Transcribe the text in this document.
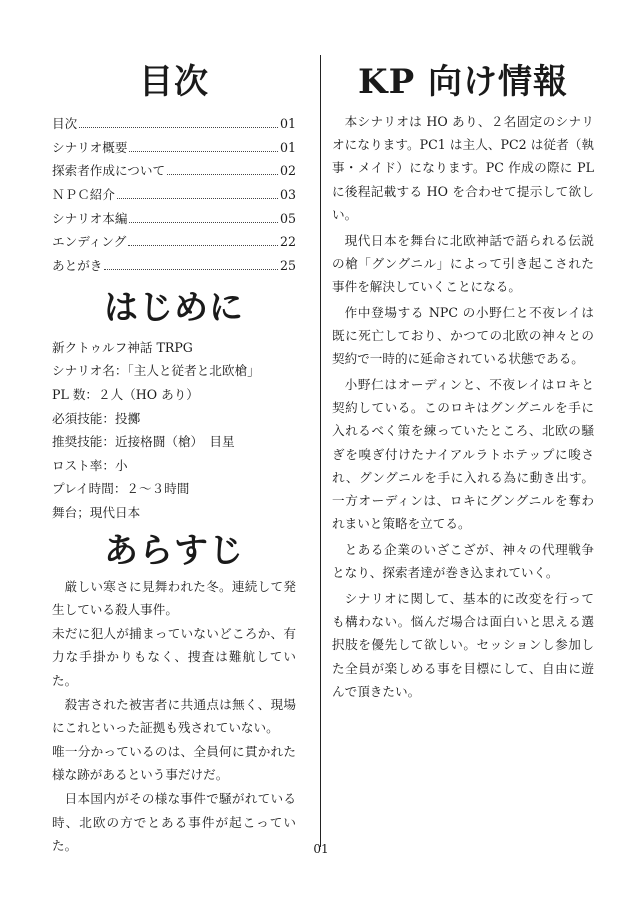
目次
目次	01
シナリオ概要	01
探索者作成について	02
ＮＰＣ紹介	03
シナリオ本編	05
エンディング	22
あとがき	25
はじめに
新クトゥルフ神話 TRPG
シナリオ名：「主人と従者と北欧槍」
PL 数：２人（HO あり）
必須技能：投擲
推奨技能：近接格闘（槍）　目星
ロスト率：小
プレイ時間：２～３時間
舞台；現代日本
あらすじ

厳しい寒さに見舞われた冬。連続して発生している殺人事件。

未だに犯人が捕まっていないどころか、有力な手掛かりもなく、捜査は難航していた。

殺害された被害者に共通点は無く、現場にこれといった証拠も残されていない。

唯一分かっているのは、全員何に貫かれた様な跡があるという事だけだ。

日本国内がその様な事件で騒がれている時、北欧の方でとある事件が起こっていた。

KP 向け情報

本シナリオは HO あり、２名固定のシナリオになります。PC1 は主人、PC2 は従者（執事・メイド）になります。PC 作成の際に PL に後程記載する HO を合わせて提示して欲しい。

現代日本を舞台に北欧神話で語られる伝説の槍「グングニル」によって引き起こされた事件を解決していくことになる。

作中登場する NPC の小野仁と不夜レイは既に死亡しており、かつての北欧の神々との契約で一時的に延命されている状態である。

小野仁はオーディンと、不夜レイはロキと契約している。このロキはグングニルを手に入れるべく策を練っていたところ、北欧の騒ぎを嗅ぎ付けたナイアルラトホテップに唆され、グングニルを手に入れる為に動き出す。一方オーディンは、ロキにグングニルを奪われまいと策略を立てる。

とある企業のいざこざが、神々の代理戦争となり、探索者達が巻き込まれていく。

シナリオに関して、基本的に改変を行っても構わない。悩んだ場合は面白いと思える選択肢を優先して欲しい。セッションし参加した全員が楽しめる事を目標にして、自由に遊んで頂きたい。

01
